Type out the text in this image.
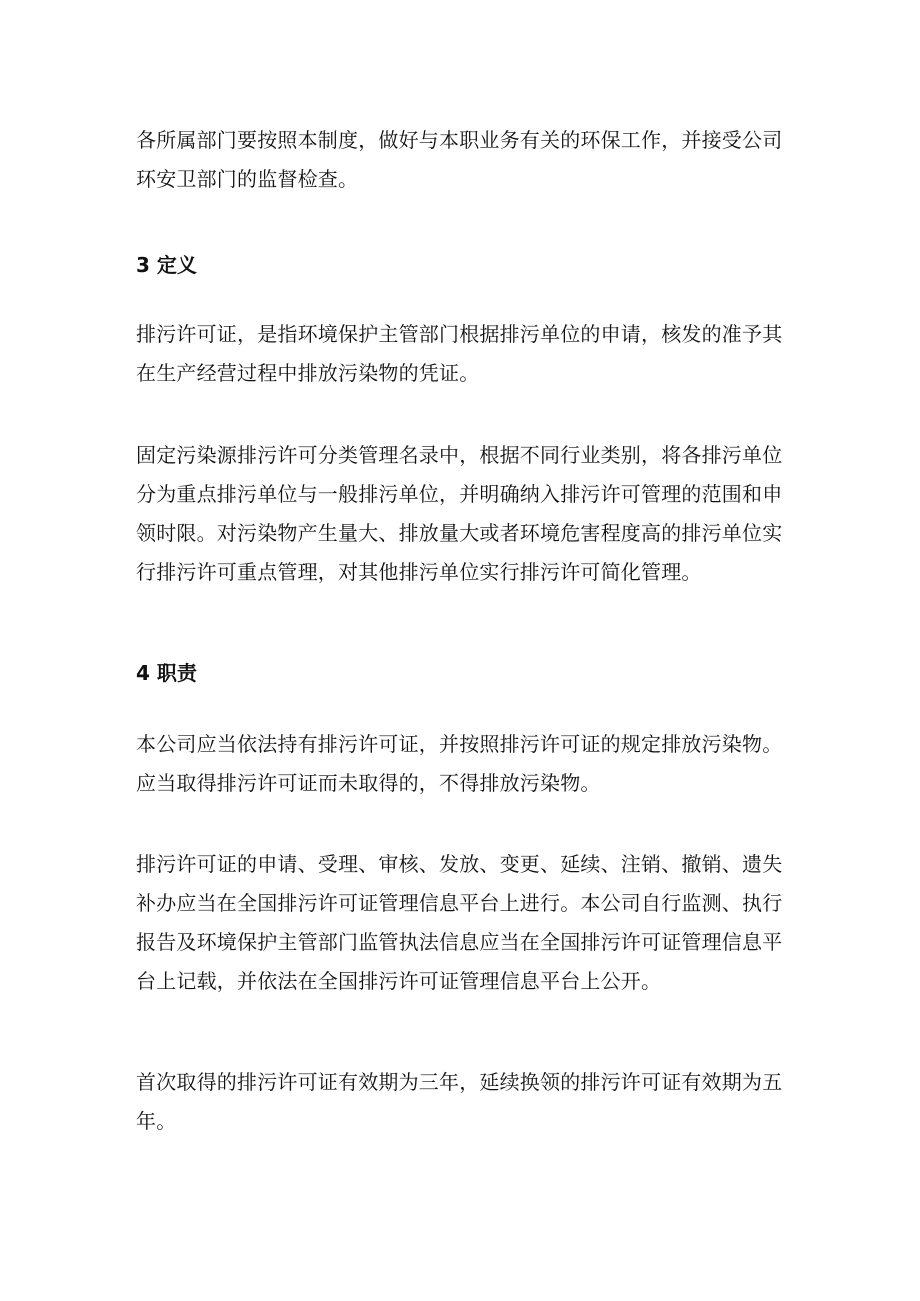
各所属部门要按照本制度，做好与本职业务有关的环保工作，并接受公司环安卫部门的监督检查。

3 定义

排污许可证，是指环境保护主管部门根据排污单位的申请，核发的准予其在生产经营过程中排放污染物的凭证。

固定污染源排污许可分类管理名录中，根据不同行业类别，将各排污单位分为重点排污单位与一般排污单位，并明确纳入排污许可管理的范围和申领时限。对污染物产生量大、排放量大或者环境危害程度高的排污单位实行排污许可重点管理，对其他排污单位实行排污许可简化管理。

4 职责

本公司应当依法持有排污许可证，并按照排污许可证的规定排放污染物。应当取得排污许可证而未取得的，不得排放污染物。

排污许可证的申请、受理、审核、发放、变更、延续、注销、撤销、遗失补办应当在全国排污许可证管理信息平台上进行。本公司自行监测、执行报告及环境保护主管部门监管执法信息应当在全国排污许可证管理信息平台上记载，并依法在全国排污许可证管理信息平台上公开。

首次取得的排污许可证有效期为三年，延续换领的排污许可证有效期为五年。
